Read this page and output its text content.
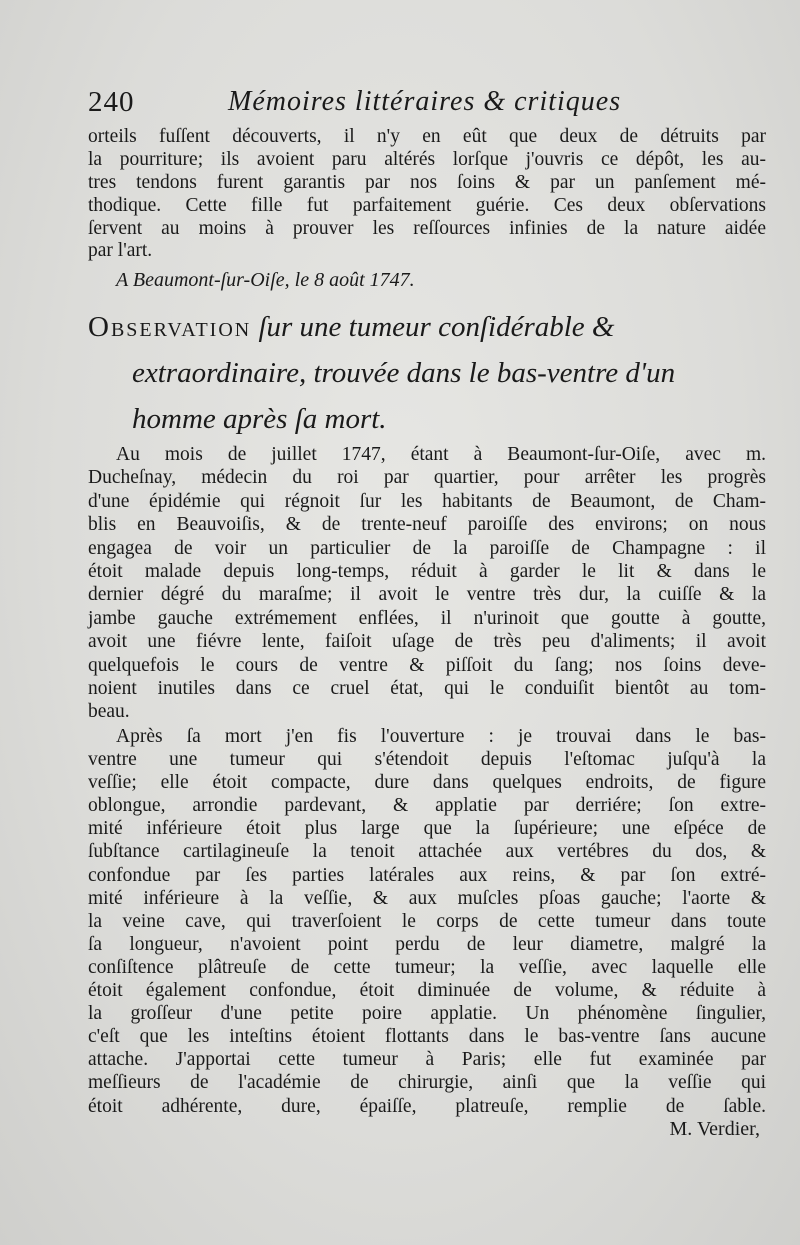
240	Mémoires littéraires & critiques
orteils fuſſent découverts, il n'y en eût que deux de détruits par
la pourriture; ils avoient paru altérés lorſque j'ouvris ce dépôt, les au-
tres tendons furent garantis par nos ſoins & par un panſement mé-
thodique. Cette fille fut parfaitement guérie. Ces deux obſervations
ſervent au moins à prouver les reſſources infinies de la nature aidée
par l'art.
A Beaumont-ſur-Oiſe, le 8 août 1747.
Observation ſur une tumeur conſidérable &
extraordinaire, trouvée dans le bas-ventre d'un
homme après ſa mort.
Au mois de juillet 1747, étant à Beaumont-ſur-Oiſe, avec m.
Ducheſnay, médecin du roi par quartier, pour arrêter les progrès
d'une épidémie qui régnoit ſur les habitants de Beaumont, de Cham-
blis en Beauvoiſis, & de trente-neuf paroiſſe des environs; on nous
engagea de voir un particulier de la paroiſſe de Champagne : il
étoit malade depuis long-temps, réduit à garder le lit & dans le
dernier dégré du maraſme; il avoit le ventre très dur, la cuiſſe & la
jambe gauche extrémement enflées, il n'urinoit que goutte à goutte,
avoit une fiévre lente, faiſoit uſage de très peu d'aliments; il avoit
quelquefois le cours de ventre & piſſoit du ſang; nos ſoins deve-
noient inutiles dans ce cruel état, qui le conduiſit bientôt au tom-
beau.
Après ſa mort j'en fis l'ouverture : je trouvai dans le bas-
ventre une tumeur qui s'étendoit depuis l'eſtomac juſqu'à la
veſſie; elle étoit compacte, dure dans quelques endroits, de figure
oblongue, arrondie pardevant, & applatie par derriére; ſon extre-
mité inférieure étoit plus large que la ſupérieure; une eſpéce de
ſubſtance cartilagineuſe la tenoit attachée aux vertébres du dos, &
confondue par ſes parties latérales aux reins, & par ſon extré-
mité inférieure à la veſſie, & aux muſcles pſoas gauche; l'aorte &
la veine cave, qui traverſoient le corps de cette tumeur dans toute
ſa longueur, n'avoient point perdu de leur diametre, malgré la
conſiſtence plâtreuſe de cette tumeur; la veſſie, avec laquelle elle
étoit également confondue, étoit diminuée de volume, & réduite à
la groſſeur d'une petite poire applatie. Un phénomène ſingulier,
c'eſt que les inteſtins étoient flottants dans le bas-ventre ſans aucune
attache. J'apportai cette tumeur à Paris; elle fut examinée par
meſſieurs de l'académie de chirurgie, ainſi que la veſſie qui
étoit adhérente, dure, épaiſſe, platreuſe, remplie de ſable.
M. Verdier,
